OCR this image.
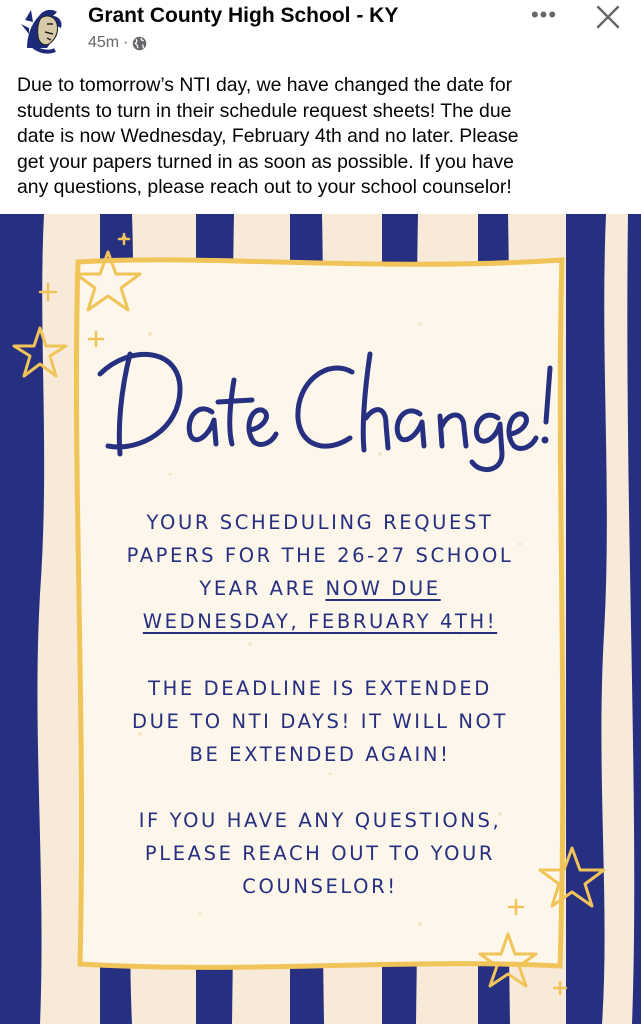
Grant County High School - KY
45m ·
•••
Due to tomorrow’s NTI day, we have changed the date for
students to turn in their schedule request sheets! The due
date is now Wednesday, February 4th and no later. Please
get your papers turned in as soon as possible. If you have
any questions, please reach out to your school counselor!
YOUR SCHEDULING REQUEST
PAPERS FOR THE 26-27 SCHOOL
YEAR ARE NOW DUE
WEDNESDAY, FEBRUARY 4TH!
THE DEADLINE IS EXTENDED
DUE TO NTI DAYS! IT WILL NOT
BE EXTENDED AGAIN!
IF YOU HAVE ANY QUESTIONS,
PLEASE REACH OUT TO YOUR
COUNSELOR!
